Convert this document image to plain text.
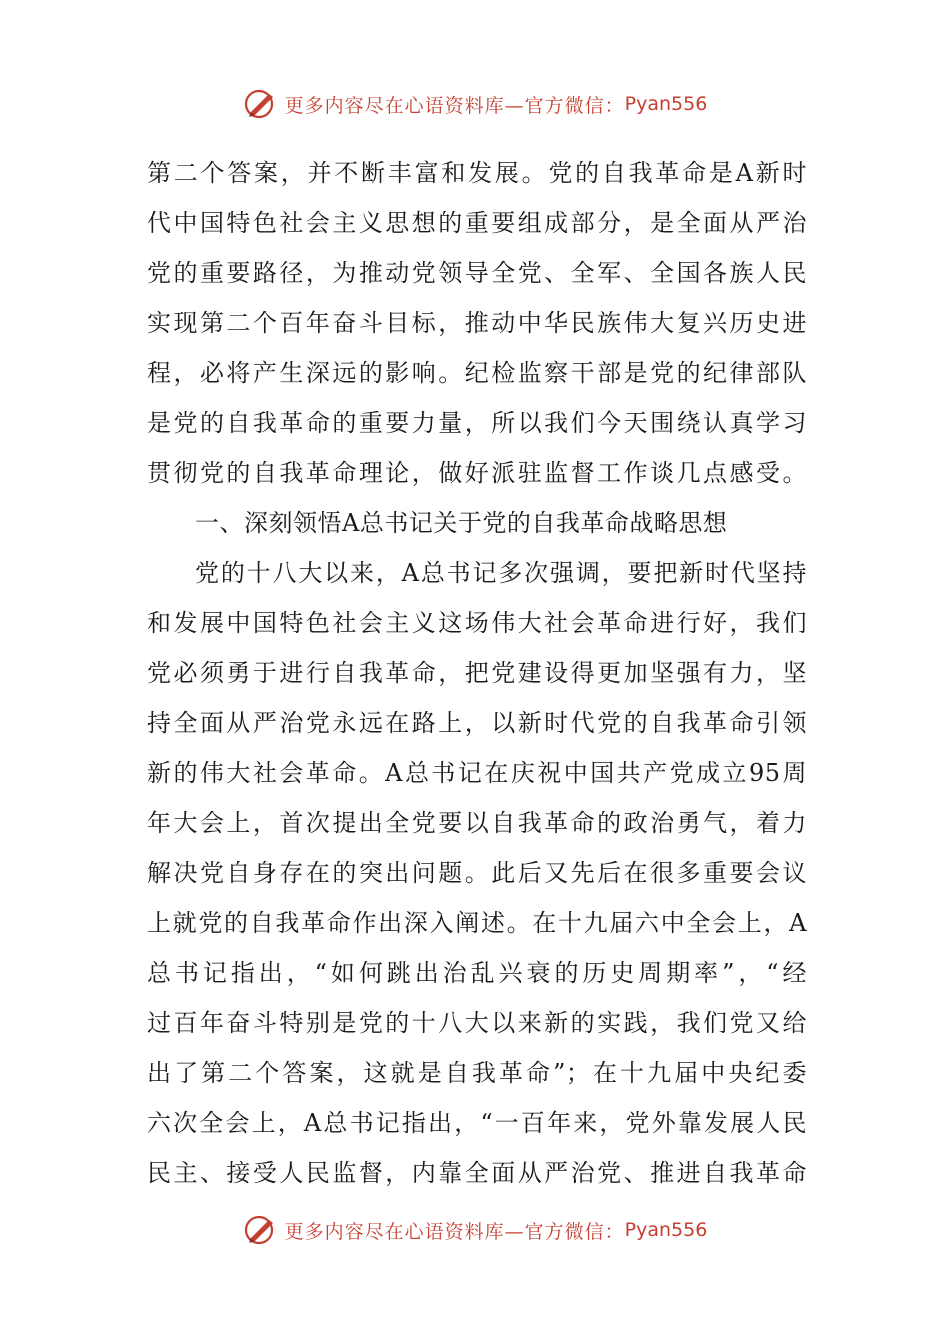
更多内容尽在心语资料库—官方微信： Pyan556
第二个答案，并不断丰富和发展。党的自我革命是A新时
代中国特色社会主义思想的重要组成部分，是全面从严治
党的重要路径，为推动党领导全党、全军、全国各族人民
实现第二个百年奋斗目标，推动中华民族伟大复兴历史进
程，必将产生深远的影响。纪检监察干部是党的纪律部队
是党的自我革命的重要力量，所以我们今天围绕认真学习
贯彻党的自我革命理论，做好派驻监督工作谈几点感受。
一、深刻领悟A总书记关于党的自我革命战略思想
党的十八大以来，A总书记多次强调，要把新时代坚持
和发展中国特色社会主义这场伟大社会革命进行好，我们
党必须勇于进行自我革命，把党建设得更加坚强有力，坚
持全面从严治党永远在路上，以新时代党的自我革命引领
新的伟大社会革命。A总书记在庆祝中国共产党成立95周
年大会上，首次提出全党要以自我革命的政治勇气，着力
解决党自身存在的突出问题。此后又先后在很多重要会议
上就党的自我革命作出深入阐述。在十九届六中全会上，A
总书记指出，“如何跳出治乱兴衰的历史周期率”，“经
过百年奋斗特别是党的十八大以来新的实践，我们党又给
出了第二个答案，这就是自我革命”；在十九届中央纪委
六次全会上，A总书记指出，“一百年来，党外靠发展人民
民主、接受人民监督，内靠全面从严治党、推进自我革命
更多内容尽在心语资料库—官方微信： Pyan556
